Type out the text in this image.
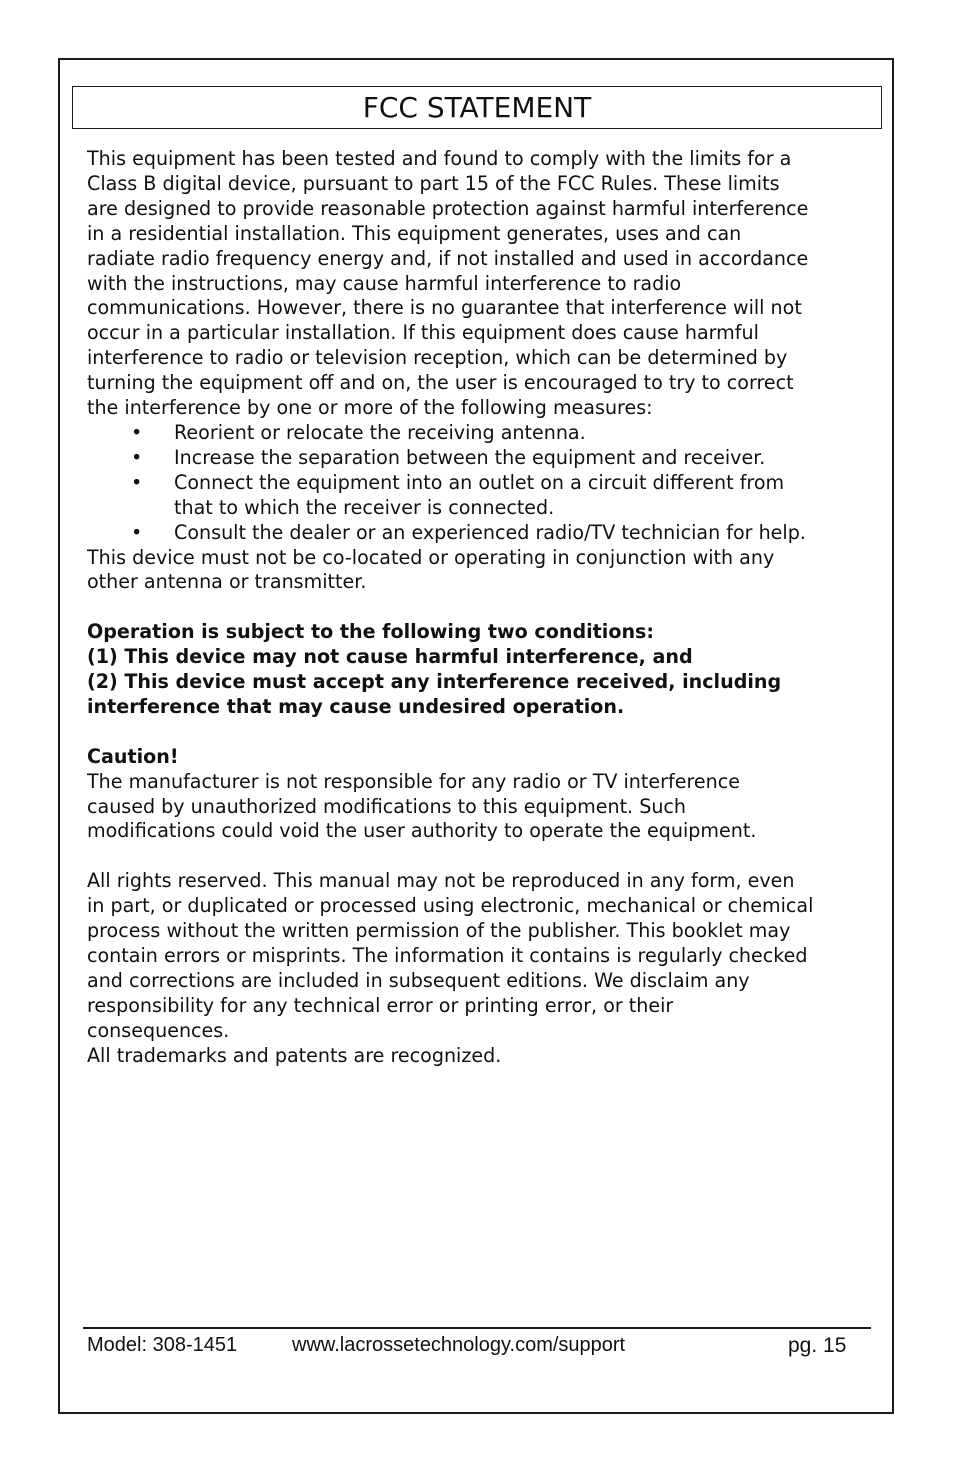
FCC STATEMENT

This equipment has been tested and found to comply with the limits for a
Class B digital device, pursuant to part 15 of the FCC Rules. These limits
are designed to provide reasonable protection against harmful interference
in a residential installation. This equipment generates, uses and can
radiate radio frequency energy and, if not installed and used in accordance
with the instructions, may cause harmful interference to radio
communications. However, there is no guarantee that interference will not
occur in a particular installation. If this equipment does cause harmful
interference to radio or television reception, which can be determined by
turning the equipment off and on, the user is encouraged to try to correct
the interference by one or more of the following measures:

• Reorient or relocate the receiving antenna.
• Increase the separation between the equipment and receiver.
• Connect the equipment into an outlet on a circuit different from
that to which the receiver is connected.
• Consult the dealer or an experienced radio/TV technician for help.

This device must not be co-located or operating in conjunction with any
other antenna or transmitter.

Operation is subject to the following two conditions:
(1) This device may not cause harmful interference, and
(2) This device must accept any interference received, including
interference that may cause undesired operation.

Caution!
The manufacturer is not responsible for any radio or TV interference
caused by unauthorized modifications to this equipment. Such
modifications could void the user authority to operate the equipment.

All rights reserved. This manual may not be reproduced in any form, even
in part, or duplicated or processed using electronic, mechanical or chemical
process without the written permission of the publisher. This booklet may
contain errors or misprints. The information it contains is regularly checked
and corrections are included in subsequent editions. We disclaim any
responsibility for any technical error or printing error, or their
consequences.
All trademarks and patents are recognized.

Model: 308-1451	www.lacrossetechnology.com/support	pg. 15
